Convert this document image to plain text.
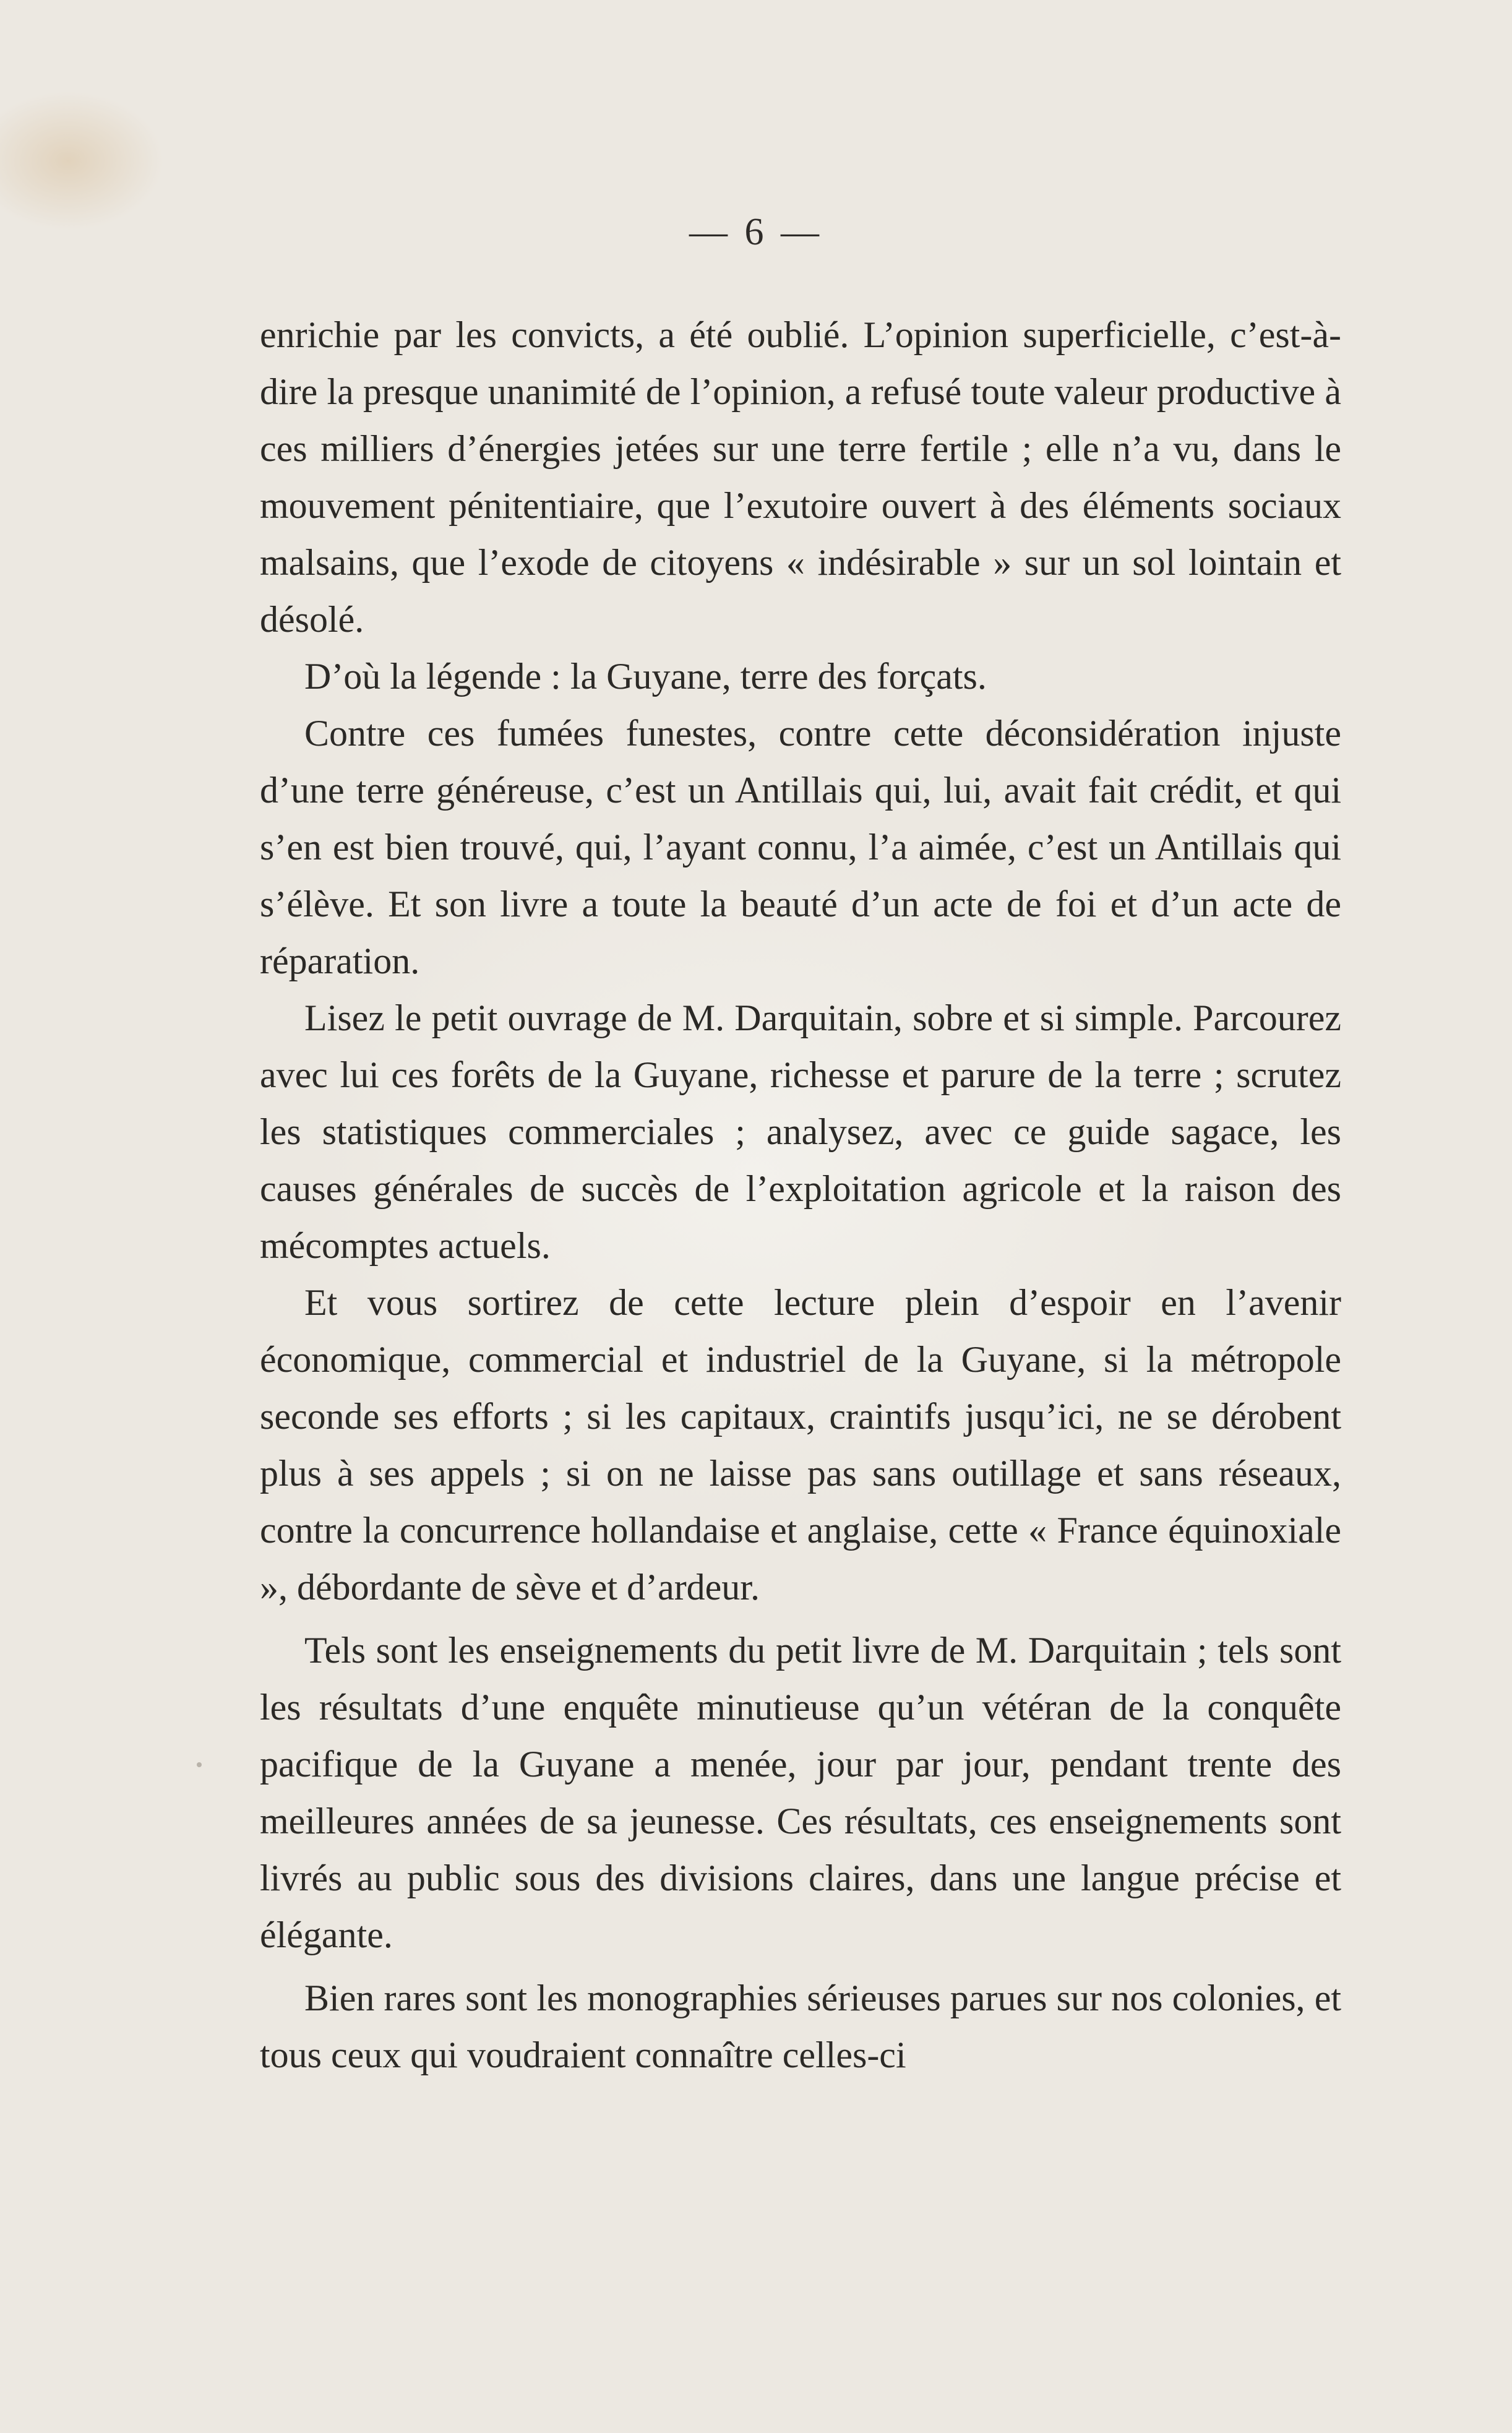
— 6 —

enrichie par les convicts, a été oublié. L’opinion superficielle, c’est-à-dire la presque unanimité de l’opinion, a refusé toute valeur productive à ces milliers d’énergies jetées sur une terre fertile ; elle n’a vu, dans le mouvement pénitentiaire, que l’exutoire ouvert à des éléments sociaux malsains, que l’exode de citoyens « indésirable » sur un sol lointain et désolé.

D’où la légende : la Guyane, terre des forçats.

Contre ces fumées funestes, contre cette déconsidération injuste d’une terre généreuse, c’est un Antillais qui, lui, avait fait crédit, et qui s’en est bien trouvé, qui, l’ayant connu, l’a aimée, c’est un Antillais qui s’élève. Et son livre a toute la beauté d’un acte de foi et d’un acte de réparation.

Lisez le petit ouvrage de M. Darquitain, sobre et si simple. Parcourez avec lui ces forêts de la Guyane, richesse et parure de la terre ; scrutez les statistiques commerciales ; analysez, avec ce guide sagace, les causes générales de succès de l’exploitation agricole et la raison des mécomptes actuels.

Et vous sortirez de cette lecture plein d’espoir en l’avenir économique, commercial et industriel de la Guyane, si la métropole seconde ses efforts ; si les capitaux, craintifs jusqu’ici, ne se dérobent plus à ses appels ; si on ne laisse pas sans outillage et sans réseaux, contre la concurrence hollandaise et anglaise, cette « France équinoxiale », débordante de sève et d’ardeur.

Tels sont les enseignements du petit livre de M. Darquitain ; tels sont les résultats d’une enquête minutieuse qu’un vétéran de la conquête pacifique de la Guyane a menée, jour par jour, pendant trente des meilleures années de sa jeunesse. Ces résultats, ces enseignements sont livrés au public sous des divisions claires, dans une langue précise et élégante.

Bien rares sont les monographies sérieuses parues sur nos colonies, et tous ceux qui voudraient connaître celles-ci
